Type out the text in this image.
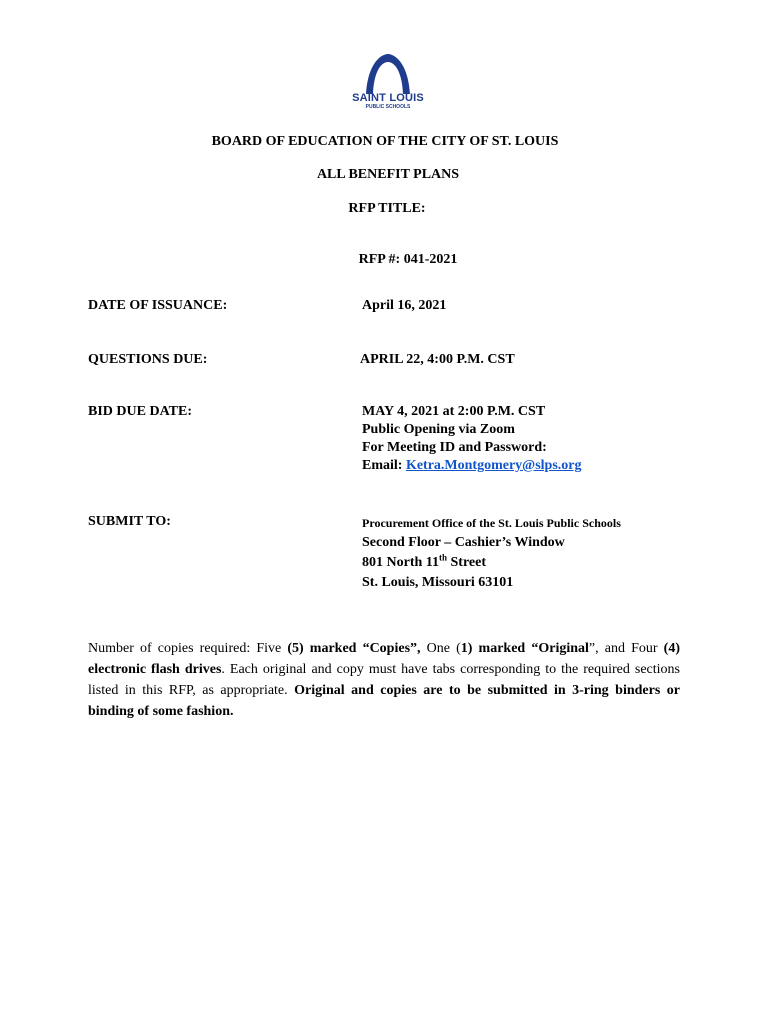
SAINT LOUIS
PUBLIC SCHOOLS
BOARD OF EDUCATION OF THE CITY OF ST. LOUIS
ALL BENEFIT PLANS
RFP TITLE:
RFP #: 041-2021
DATE OF ISSUANCE:	April 16, 2021
QUESTIONS DUE:	APRIL 22, 4:00 P.M. CST
BID DUE DATE:	MAY 4, 2021 at 2:00 P.M. CST
Public Opening via Zoom
For Meeting ID and Password:
Email: Ketra.Montgomery@slps.org
SUBMIT TO:	Procurement Office of the St. Louis Public Schools
Second Floor – Cashier’s Window
801 North 11th Street
St. Louis, Missouri 63101
Number of copies required: Five (5) marked “Copies”, One (1) marked “Original”, and Four (4) electronic flash drives. Each original and copy must have tabs corresponding to the required sections listed in this RFP, as appropriate. Original and copies are to be submitted in 3-ring binders or binding of some fashion.
